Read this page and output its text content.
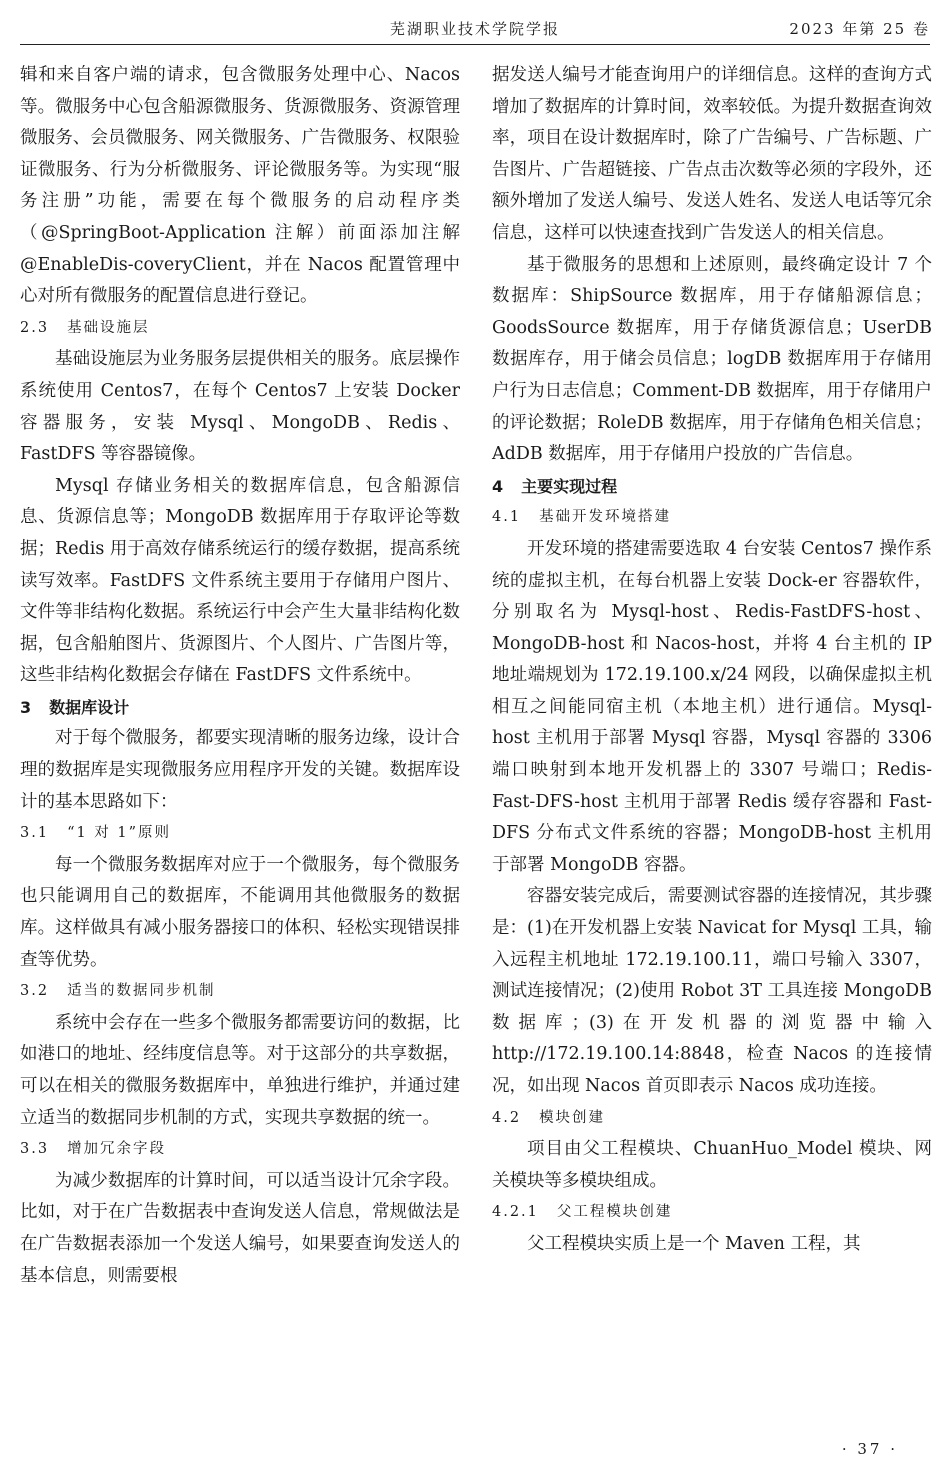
芜湖职业技术学院学报	2023 年第 25 卷

辑和来自客户端的请求，包含微服务处理中心、Nacos 等。微服务中心包含船源微服务、货源微服务、资源管理微服务、会员微服务、网关微服务、广告微服务、权限验证微服务、行为分析微服务、评论微服务等。为实现“服务注册”功能，需要在每个微服务的启动程序类（@SpringBoot-Application 注解）前面添加注解@EnableDis-coveryClient，并在 Nacos 配置管理中心对所有微服务的配置信息进行登记。

2.3 基础设施层

基础设施层为业务服务层提供相关的服务。底层操作系统使用 Centos7，在每个 Centos7 上安装 Docker 容器服务，安装 Mysql、MongoDB、Redis、FastDFS 等容器镜像。

Mysql 存储业务相关的数据库信息，包含船源信息、货源信息等；MongoDB 数据库用于存取评论等数据；Redis 用于高效存储系统运行的缓存数据，提高系统读写效率。FastDFS 文件系统主要用于存储用户图片、文件等非结构化数据。系统运行中会产生大量非结构化数据，包含船舶图片、货源图片、个人图片、广告图片等，这些非结构化数据会存储在 FastDFS 文件系统中。

3 数据库设计

对于每个微服务，都要实现清晰的服务边缘，设计合理的数据库是实现微服务应用程序开发的关键。数据库设计的基本思路如下：

3.1 “1 对 1”原则

每一个微服务数据库对应于一个微服务，每个微服务也只能调用自己的数据库，不能调用其他微服务的数据库。这样做具有减小服务器接口的体积、轻松实现错误排查等优势。

3.2 适当的数据同步机制

系统中会存在一些多个微服务都需要访问的数据，比如港口的地址、经纬度信息等。对于这部分的共享数据，可以在相关的微服务数据库中，单独进行维护，并通过建立适当的数据同步机制的方式，实现共享数据的统一。

3.3 增加冗余字段

为减少数据库的计算时间，可以适当设计冗余字段。比如，对于在广告数据表中查询发送人信息，常规做法是在广告数据表添加一个发送人编号，如果要查询发送人的基本信息，则需要根

据发送人编号才能查询用户的详细信息。这样的查询方式增加了数据库的计算时间，效率较低。为提升数据查询效率，项目在设计数据库时，除了广告编号、广告标题、广告图片、广告超链接、广告点击次数等必须的字段外，还额外增加了发送人编号、发送人姓名、发送人电话等冗余信息，这样可以快速查找到广告发送人的相关信息。

基于微服务的思想和上述原则，最终确定设计 7 个数据库：ShipSource 数据库，用于存储船源信息；GoodsSource 数据库，用于存储货源信息；UserDB 数据库存，用于储会员信息；logDB 数据库用于存储用户行为日志信息；Comment-DB 数据库，用于存储用户的评论数据；RoleDB 数据库，用于存储角色相关信息；AdDB 数据库，用于存储用户投放的广告信息。

4 主要实现过程
4.1 基础开发环境搭建

开发环境的搭建需要选取 4 台安装 Centos7 操作系统的虚拟主机，在每台机器上安装 Dock-er 容器软件，分别取名为 Mysql-host、Redis-FastDFS-host、MongoDB-host 和 Nacos-host，并将 4 台主机的 IP 地址端规划为 172.19.100.x/24 网段，以确保虚拟主机相互之间能同宿主机（本地主机）进行通信。Mysql-host 主机用于部署 Mysql 容器，Mysql 容器的 3306 端口映射到本地开发机器上的 3307 号端口；Redis-Fast-DFS-host 主机用于部署 Redis 缓存容器和 Fast-DFS 分布式文件系统的容器；MongoDB-host 主机用于部署 MongoDB 容器。

容器安装完成后，需要测试容器的连接情况，其步骤是：(1)在开发机器上安装 Navicat for Mysql 工具，输入远程主机地址 172.19.100.11，端口号输入 3307，测试连接情况；(2)使用 Robot 3T 工具连接 MongoDB 数据库；(3)在开发机器的浏览器中输入 http://172.19.100.14:8848，检查 Nacos 的连接情况，如出现 Nacos 首页即表示 Nacos 成功连接。

4.2 模块创建

项目由父工程模块、ChuanHuo_Model 模块、网关模块等多模块组成。

4.2.1 父工程模块创建

父工程模块实质上是一个 Maven 工程，其

· 37 ·
